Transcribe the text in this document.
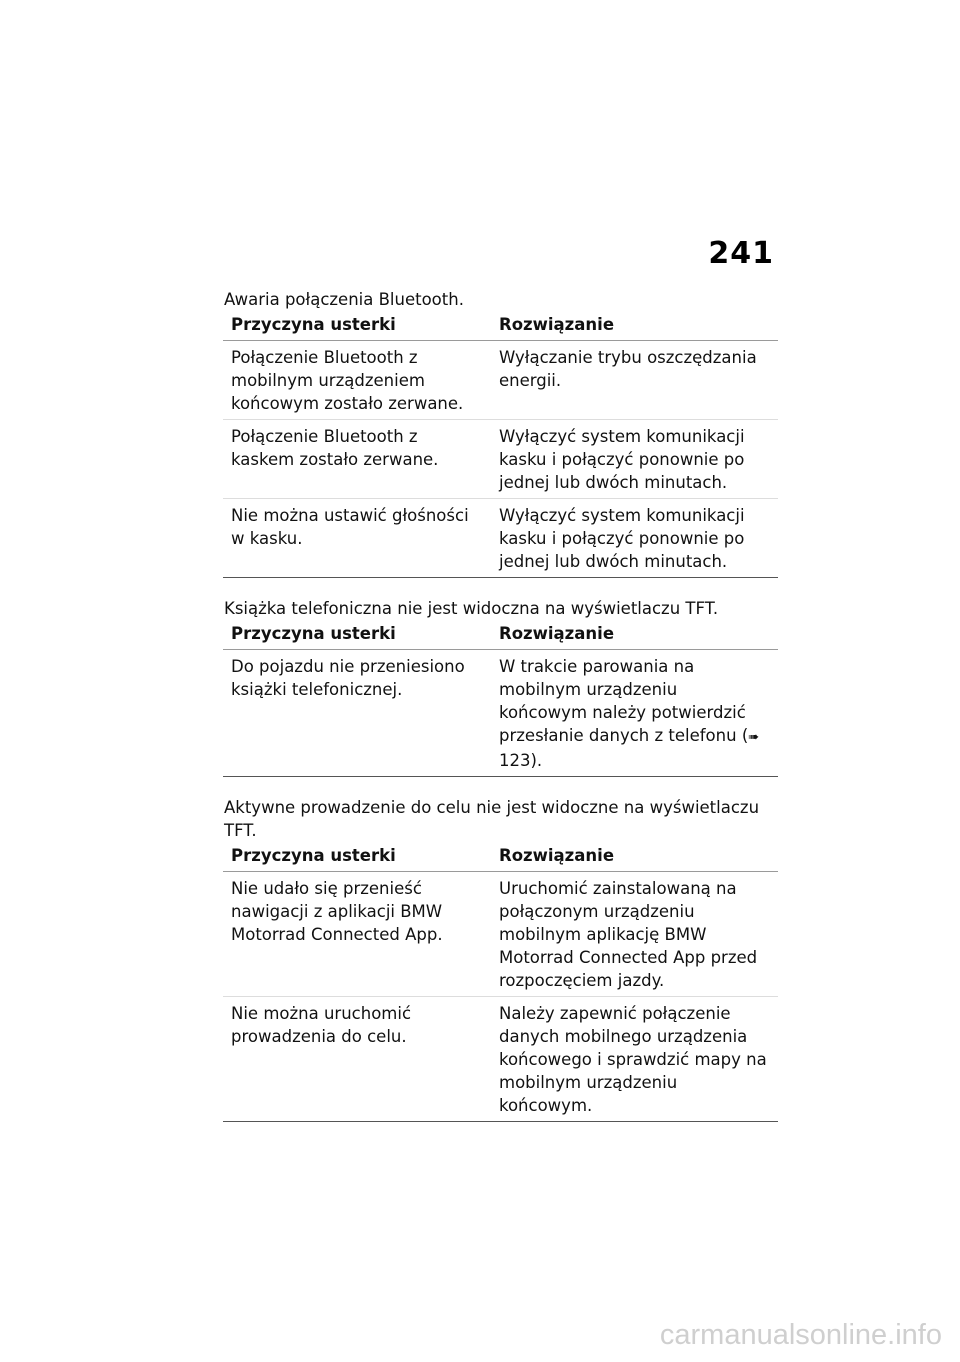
241

Awaria połączenia Bluetooth.

Przyczyna usterki	Rozwiązanie
Połączenie Bluetooth z mobilnym urządzeniem końcowym zostało zerwane.	Wyłączanie trybu oszczędzania energii.
Połączenie Bluetooth z kaskem zostało zerwane.	Wyłączyć system komunikacji kasku i połączyć ponownie po jednej lub dwóch minutach.
Nie można ustawić głośności w kasku.	Wyłączyć system komunikacji kasku i połączyć ponownie po jednej lub dwóch minutach.

Książka telefoniczna nie jest widoczna na wyświetlaczu TFT.

Przyczyna usterki	Rozwiązanie
Do pojazdu nie przeniesiono książki telefonicznej.	W trakcie parowania na mobilnym urządzeniu końcowym należy potwierdzić przesłanie danych z telefonu (➠ 123).

Aktywne prowadzenie do celu nie jest widoczne na wyświetlaczu TFT.

Przyczyna usterki	Rozwiązanie
Nie udało się przenieść nawigacji z aplikacji BMW Motorrad Connected App.	Uruchomić zainstalowaną na połączonym urządzeniu mobilnym aplikację BMW Motorrad Connected App przed rozpoczęciem jazdy.
Nie można uruchomić prowadzenia do celu.	Należy zapewnić połączenie danych mobilnego urządzenia końcowego i sprawdzić mapy na mobilnym urządzeniu końcowym.
carmanualsonline.info
